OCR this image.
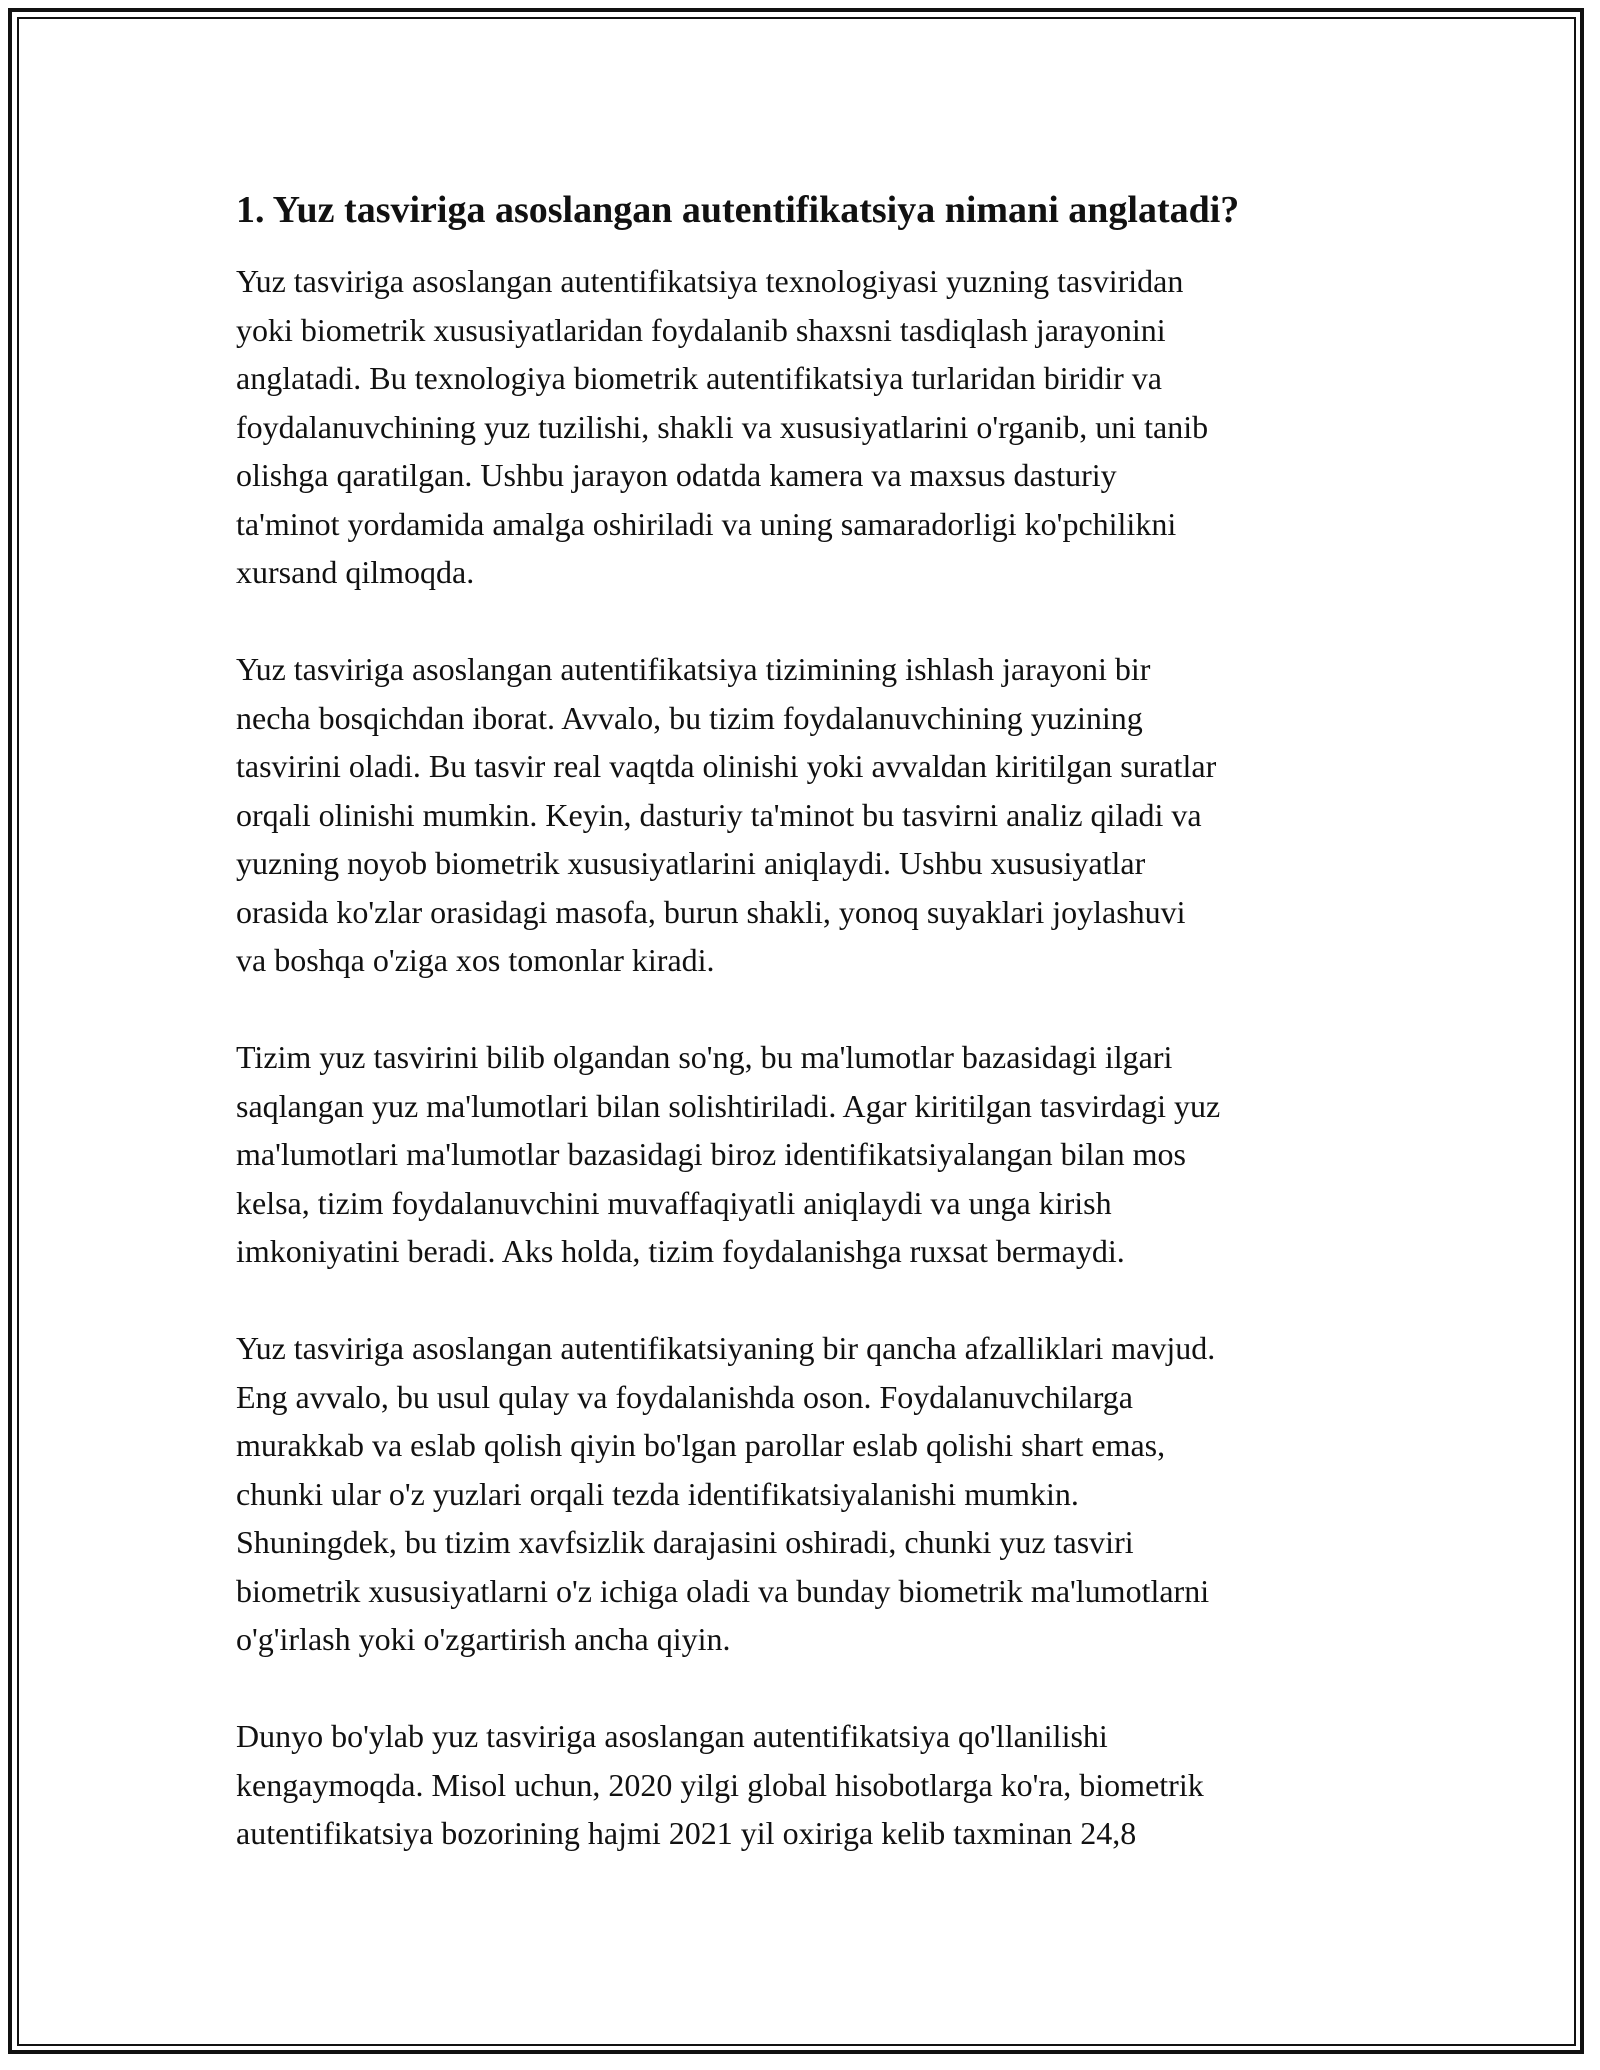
1. Yuz tasviriga asoslangan autentifikatsiya nimani anglatadi?
Yuz tasviriga asoslangan autentifikatsiya texnologiyasi yuzning tasviridan
yoki biometrik xususiyatlaridan foydalanib shaxsni tasdiqlash jarayonini
anglatadi. Bu texnologiya biometrik autentifikatsiya turlaridan biridir va
foydalanuvchining yuz tuzilishi, shakli va xususiyatlarini o'rganib, uni tanib
olishga qaratilgan. Ushbu jarayon odatda kamera va maxsus dasturiy
ta'minot yordamida amalga oshiriladi va uning samaradorligi ko'pchilikni
xursand qilmoqda.
Yuz tasviriga asoslangan autentifikatsiya tizimining ishlash jarayoni bir
necha bosqichdan iborat. Avvalo, bu tizim foydalanuvchining yuzining
tasvirini oladi. Bu tasvir real vaqtda olinishi yoki avvaldan kiritilgan suratlar
orqali olinishi mumkin. Keyin, dasturiy ta'minot bu tasvirni analiz qiladi va
yuzning noyob biometrik xususiyatlarini aniqlaydi. Ushbu xususiyatlar
orasida ko'zlar orasidagi masofa, burun shakli, yonoq suyaklari joylashuvi
va boshqa o'ziga xos tomonlar kiradi.
Tizim yuz tasvirini bilib olgandan so'ng, bu ma'lumotlar bazasidagi ilgari
saqlangan yuz ma'lumotlari bilan solishtiriladi. Agar kiritilgan tasvirdagi yuz
ma'lumotlari ma'lumotlar bazasidagi biroz identifikatsiyalangan bilan mos
kelsa, tizim foydalanuvchini muvaffaqiyatli aniqlaydi va unga kirish
imkoniyatini beradi. Aks holda, tizim foydalanishga ruxsat bermaydi.
Yuz tasviriga asoslangan autentifikatsiyaning bir qancha afzalliklari mavjud.
Eng avvalo, bu usul qulay va foydalanishda oson. Foydalanuvchilarga
murakkab va eslab qolish qiyin bo'lgan parollar eslab qolishi shart emas,
chunki ular o'z yuzlari orqali tezda identifikatsiyalanishi mumkin.
Shuningdek, bu tizim xavfsizlik darajasini oshiradi, chunki yuz tasviri
biometrik xususiyatlarni o'z ichiga oladi va bunday biometrik ma'lumotlarni
o'g'irlash yoki o'zgartirish ancha qiyin.
Dunyo bo'ylab yuz tasviriga asoslangan autentifikatsiya qo'llanilishi
kengaymoqda. Misol uchun, 2020 yilgi global hisobotlarga ko'ra, biometrik
autentifikatsiya bozorining hajmi 2021 yil oxiriga kelib taxminan 24,8
